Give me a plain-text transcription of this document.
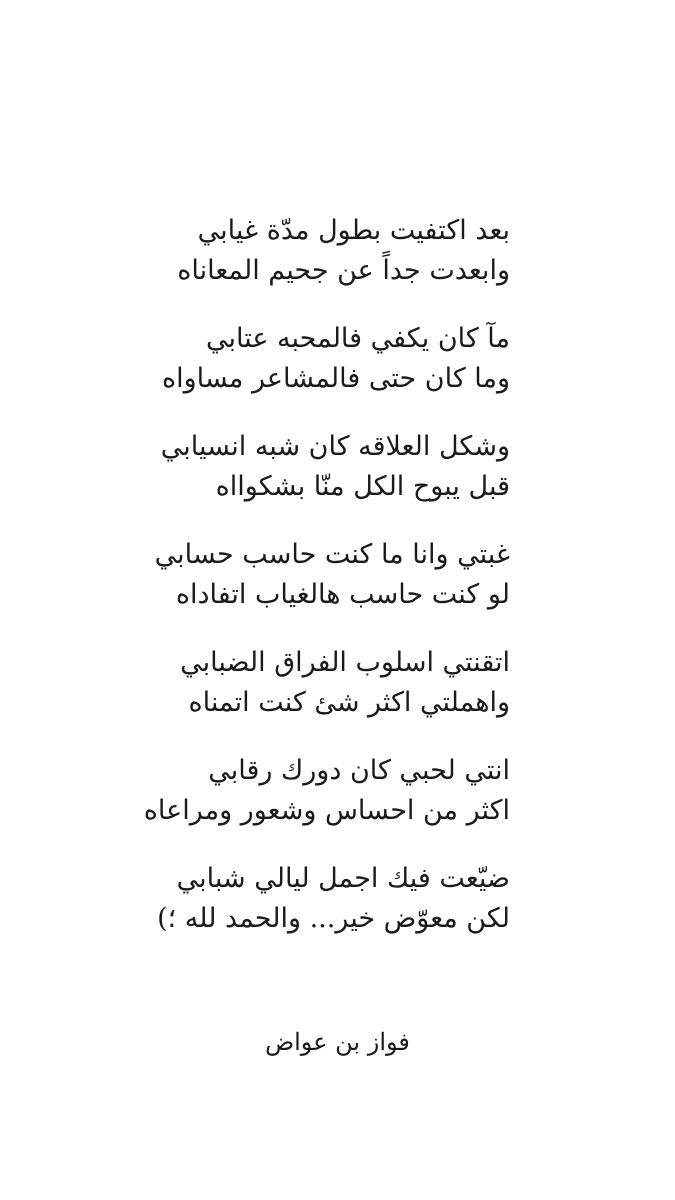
بعد اكتفيت بطول مدّة غيابي
وابعدت جداً عن جحيم المعاناه
مآ كان يكفي فالمحبه عتابي
وما كان حتى فالمشاعر مساواه
وشكل العلاقه كان شبه انسيابي
قبل يبوح الكل منّا بشكوااه
غبتي وانا ما كنت حاسب حسابي
لو كنت حاسب هالغياب اتفاداه
اتقنتي اسلوب الفراق الضبابي
واهملتي اكثر شئ كنت اتمناه
انتي لحبي كان دورك رقابي
اكثر من احساس وشعور ومراعاه
ضيّعت فيك اجمل ليالي شبابي
لكن معوّض خير... والحمد لله ؛)
فواز بن عواض
